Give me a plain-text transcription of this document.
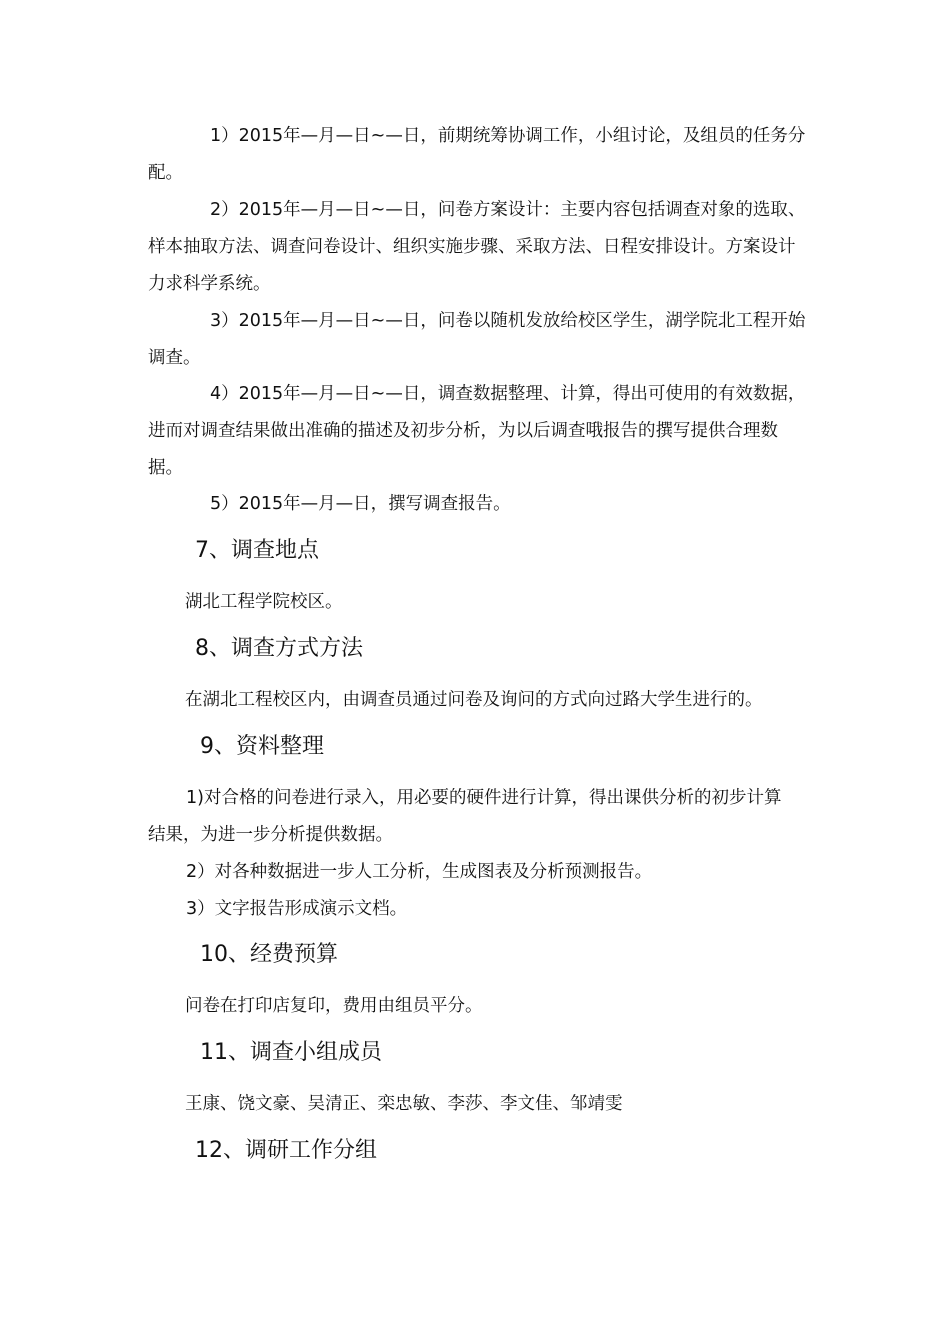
1）2015年—月—日~—日，前期统筹协调工作，小组讨论，及组员的任务分配。
2）2015年—月—日~—日，问卷方案设计：主要内容包括调查对象的选取、样本抽取方法、调查问卷设计、组织实施步骤、采取方法、日程安排设计。方案设计力求科学系统。
3）2015年—月—日~—日，问卷以随机发放给校区学生，湖学院北工程开始调查。
4）2015年—月—日~—日，调查数据整理、计算，得出可使用的有效数据，进而对调查结果做出准确的描述及初步分析，为以后调查哦报告的撰写提供合理数据。
5）2015年—月—日，撰写调查报告。
7、调查地点
湖北工程学院校区。
8、调查方式方法
在湖北工程校区内，由调查员通过问卷及询问的方式向过路大学生进行的。
9、资料整理
1)对合格的问卷进行录入，用必要的硬件进行计算，得出课供分析的初步计算结果，为进一步分析提供数据。
2）对各种数据进一步人工分析，生成图表及分析预测报告。
3）文字报告形成演示文档。
10、经费预算
问卷在打印店复印，费用由组员平分。
11、调查小组成员
王康、饶文豪、吴清正、栾忠敏、李莎、李文佳、邹靖雯
12、调研工作分组
